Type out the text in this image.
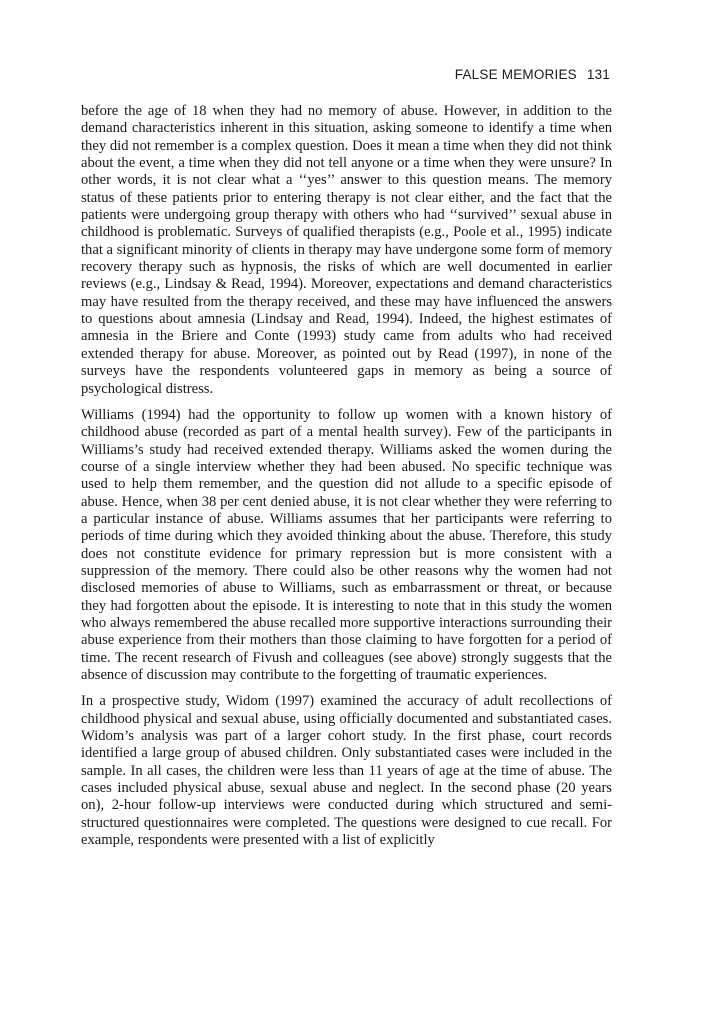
FALSE MEMORIES 131

before the age of 18 when they had no memory of abuse. However, in addition to the demand characteristics inherent in this situation, asking someone to identify a time when they did not remember is a complex question. Does it mean a time when they did not think about the event, a time when they did not tell anyone or a time when they were unsure? In other words, it is not clear what a ‘‘yes’’ answer to this question means. The memory status of these patients prior to entering therapy is not clear either, and the fact that the patients were undergoing group therapy with others who had ‘‘survived’’ sexual abuse in childhood is problematic. Surveys of qualified therapists (e.g., Poole et al., 1995) indicate that a significant minority of clients in therapy may have undergone some form of memory recovery therapy such as hypnosis, the risks of which are well documented in earlier reviews (e.g., Lindsay & Read, 1994). Moreover, expectations and demand characteristics may have resulted from the therapy received, and these may have influenced the answers to questions about amnesia (Lindsay and Read, 1994). Indeed, the highest estimates of amnesia in the Briere and Conte (1993) study came from adults who had received extended therapy for abuse. Moreover, as pointed out by Read (1997), in none of the surveys have the respondents volunteered gaps in memory as being a source of psychological distress.

Williams (1994) had the opportunity to follow up women with a known history of childhood abuse (recorded as part of a mental health survey). Few of the participants in Williams’s study had received extended therapy. Williams asked the women during the course of a single interview whether they had been abused. No specific technique was used to help them remember, and the question did not allude to a specific episode of abuse. Hence, when 38 per cent denied abuse, it is not clear whether they were referring to a particular instance of abuse. Williams assumes that her participants were referring to periods of time during which they avoided thinking about the abuse. Therefore, this study does not constitute evidence for primary repression but is more consistent with a suppression of the memory. There could also be other reasons why the women had not disclosed memories of abuse to Williams, such as embarrassment or threat, or because they had forgotten about the episode. It is interesting to note that in this study the women who always remembered the abuse recalled more supportive interactions surrounding their abuse experience from their mothers than those claiming to have forgotten for a period of time. The recent research of Fivush and colleagues (see above) strongly suggests that the absence of discussion may contribute to the forgetting of traumatic experiences.

In a prospective study, Widom (1997) examined the accuracy of adult recollections of childhood physical and sexual abuse, using officially documented and substantiated cases. Widom’s analysis was part of a larger cohort study. In the first phase, court records identified a large group of abused children. Only substantiated cases were included in the sample. In all cases, the children were less than 11 years of age at the time of abuse. The cases included physical abuse, sexual abuse and neglect. In the second phase (20 years on), 2-hour follow-up interviews were conducted during which structured and semi-structured questionnaires were completed. The questions were designed to cue recall. For example, respondents were presented with a list of explicitly
